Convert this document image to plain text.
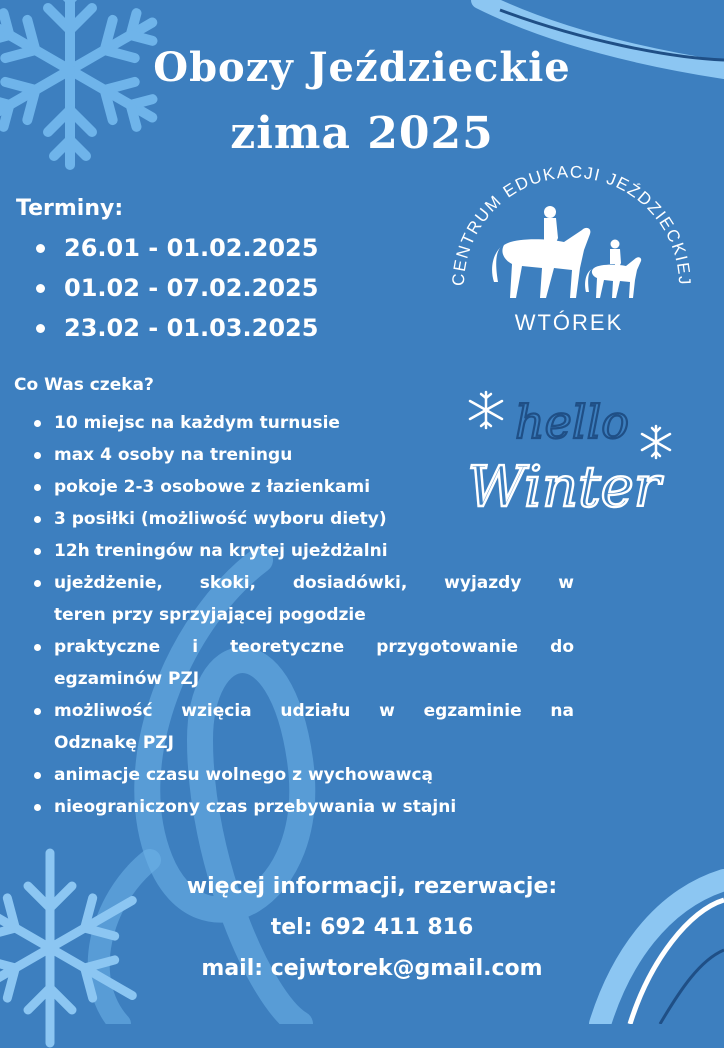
Obozy Jeździeckie
zima 2025
Terminy:
26.01 - 01.02.2025
01.02 - 07.02.2025
23.02 - 01.03.2025
CENTRUM EDUKACJI JEŹDZIECKIEJ
WTÓREK
hello
Winter
Co Was czeka?
10 miejsc na każdym turnusie
max 4 osoby na treningu
pokoje 2-3 osobowe z łazienkami
3 posiłki (możliwość wyboru diety)
12h treningów na krytej ujeżdżalni
ujeżdżenie, skoki, dosiadówki, wyjazdy w
teren przy sprzyjającej pogodzie
praktyczne i teoretyczne przygotowanie do
egzaminów PZJ
możliwość wzięcia udziału w egzaminie na
Odznakę PZJ
animacje czasu wolnego z wychowawcą
nieograniczony czas przebywania w stajni
więcej informacji, rezerwacje:
tel: 692 411 816
mail: cejwtorek@gmail.com
